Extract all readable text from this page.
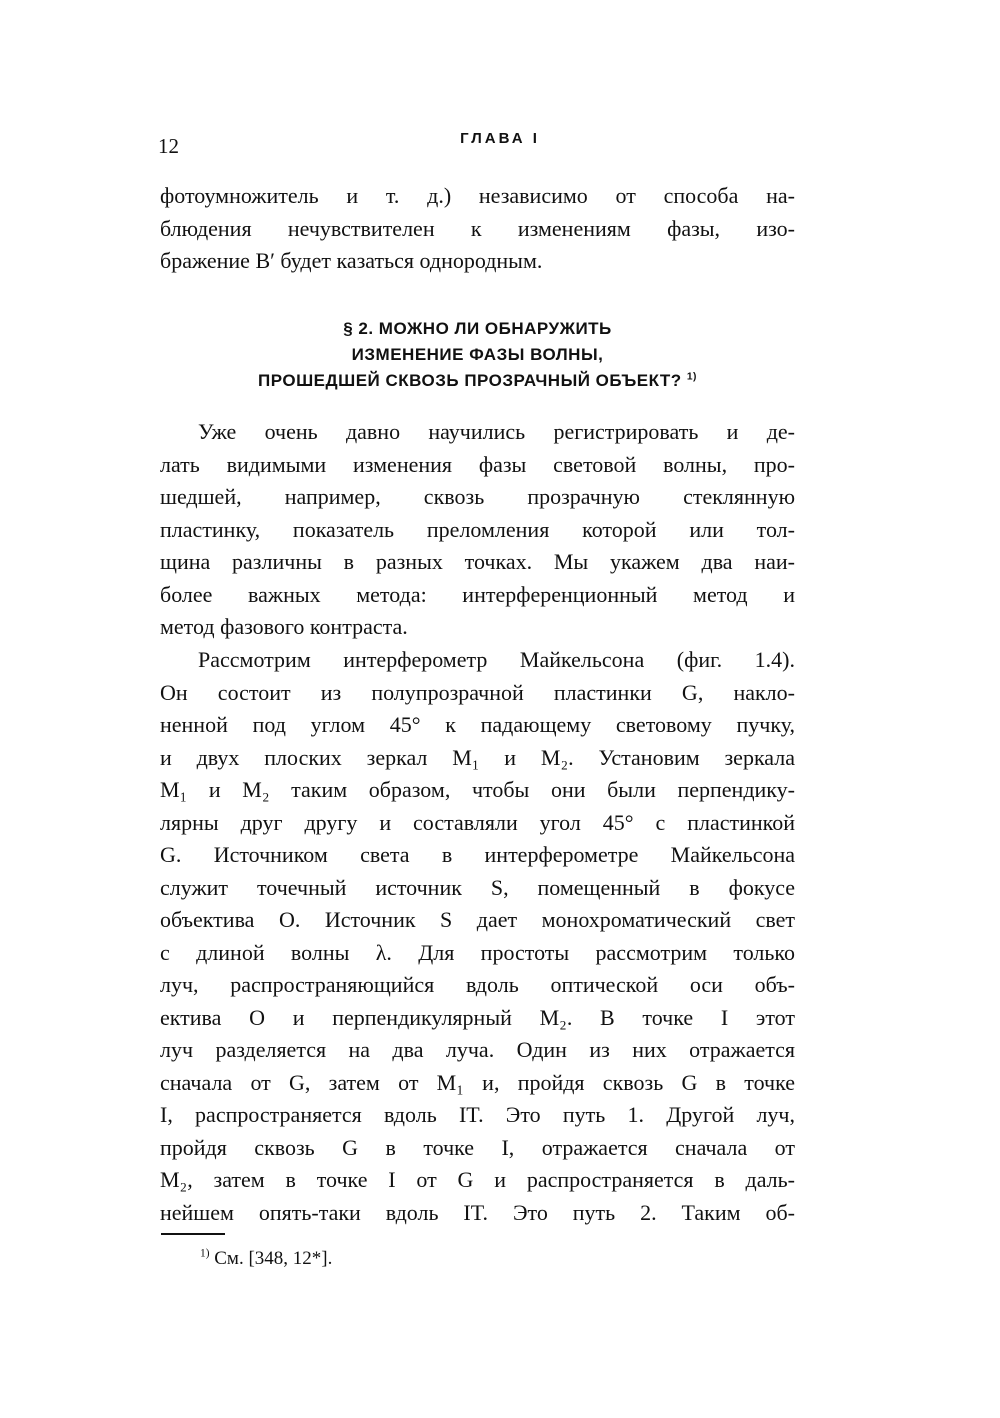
12	ГЛАВА I
фотоумножитель и т. д.) независимо от способа на-
блюдения нечувствителен к изменениям фазы, изо-
бражение B′ будет казаться однородным.
§ 2. МОЖНО ЛИ ОБНАРУЖИТЬ
ИЗМЕНЕНИЕ ФАЗЫ ВОЛНЫ,
ПРОШЕДШЕЙ СКВОЗЬ ПРОЗРАЧНЫЙ ОБЪЕКТ? $^{1)}$
Уже очень давно научились регистрировать и де-
лать видимыми изменения фазы световой волны, про-
шедшей, например, сквозь прозрачную стеклянную
пластинку, показатель преломления которой или тол-
щина различны в разных точках. Мы укажем два наи-
более важных метода: интерференционный метод и
метод фазового контраста.
Рассмотрим интерферометр Майкельсона (фиг. 1.4).
Он состоит из полупрозрачной пластинки G, накло-
ненной под углом 45° к падающему световому пучку,
и двух плоских зеркал M₁ и M₂. Установим зеркала
M₁ и M₂ таким образом, чтобы они были перпендику-
лярны друг другу и составляли угол 45° с пластинкой
G. Источником света в интерферометре Майкельсона
служит точечный источник S, помещенный в фокусе
объектива O. Источник S дает монохроматический свет
с длиной волны λ. Для простоты рассмотрим только
луч, распространяющийся вдоль оптической оси объ-
ектива O и перпендикулярный M₂. В точке I этот
луч разделяется на два луча. Один из них отражается
сначала от G, затем от M₁ и, пройдя сквозь G в точке
I, распространяется вдоль IT. Это путь 1. Другой луч,
пройдя сквозь G в точке I, отражается сначала от
M₂, затем в точке I от G и распространяется в даль-
нейшем опять-таки вдоль IT. Это путь 2. Таким об-
$^{1)}$ См. [348, 12*].
